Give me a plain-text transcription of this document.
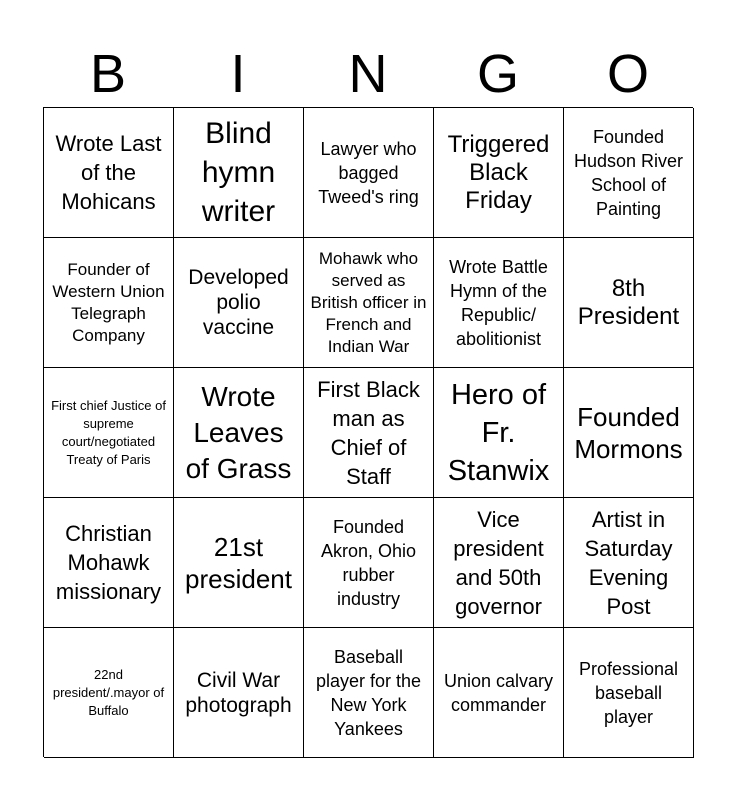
B	I	N	G	O
Wrote Last of the Mohicans
Blind hymn writer
Lawyer who bagged Tweed's ring
Triggered Black Friday
Founded Hudson River School of Painting
Founder of Western Union Telegraph Company
Developed polio vaccine
Mohawk who served as British officer in French and Indian War
Wrote Battle Hymn of the Republic/ abolitionist
8th President
First chief Justice of supreme court/negotiated Treaty of Paris
Wrote Leaves of Grass
First Black man as Chief of Staff
Hero of Fr. Stanwix
Founded Mormons
Christian Mohawk missionary
21st president
Founded Akron, Ohio rubber industry
Vice president and 50th governor
Artist in Saturday Evening Post
22nd president/.mayor of Buffalo
Civil War photograph
Baseball player for the New York Yankees
Union calvary commander
Professional baseball player
